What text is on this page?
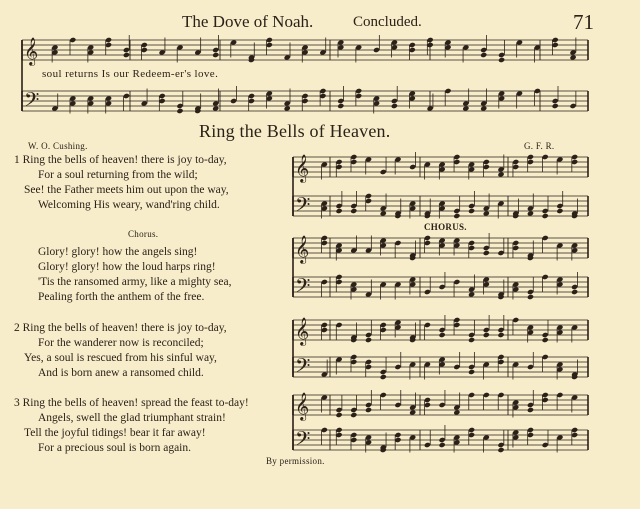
𝄞
𝄢
𝄞
𝄢
𝄞
𝄢
𝄞
𝄢
𝄞
𝄢
The Dove of Noah.	Concluded.	71
soul returns Is our Redeem-er's love.
Ring the Bells of Heaven.
W. O. Cushing.	G. F. R.
1 Ring the bells of heaven! there is joy to-day,
For a soul returning from the wild;
See! the Father meets him out upon the way,
Welcoming His weary, wand'ring child.
Chorus.
Glory! glory! how the angels sing!
Glory! glory! how the loud harps ring!
'Tis the ransomed army, like a mighty sea,
Pealing forth the anthem of the free.
2 Ring the bells of heaven! there is joy to-day,
For the wanderer now is reconciled;
Yes, a soul is rescued from his sinful way,
And is born anew a ransomed child.
3 Ring the bells of heaven! spread the feast to-day!
Angels, swell the glad triumphant strain!
Tell the joyful tidings! bear it far away!
For a precious soul is born again.
CHORUS.
By permission.
